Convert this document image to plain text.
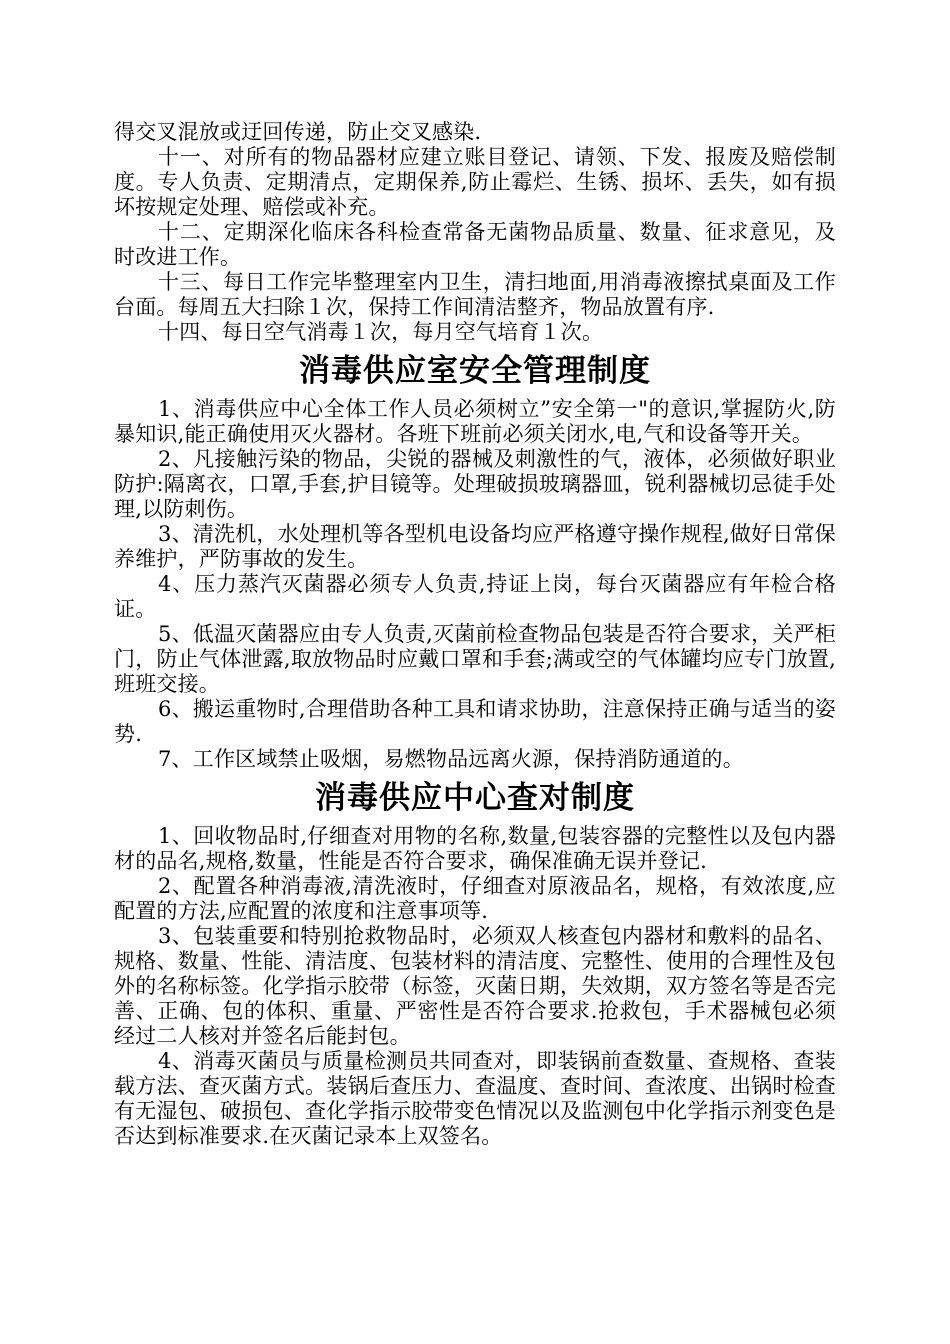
得交叉混放或迂回传递，防止交叉感染.

十一、对所有的物品器材应建立账目登记、请领、下发、报废及赔偿制度。专人负责、定期清点，定期保养,防止霉烂、生锈、损坏、丢失，如有损坏按规定处理、赔偿或补充。

十二、定期深化临床各科检查常备无菌物品质量、数量、征求意见，及时改进工作。

十三、每日工作完毕整理室内卫生，清扫地面,用消毒液擦拭桌面及工作台面。每周五大扫除１次，保持工作间清洁整齐，物品放置有序.

十四、每日空气消毒１次，每月空气培育１次。

消毒供应室安全管理制度

1、消毒供应中心全体工作人员必须树立”安全第一"的意识,掌握防火,防暴知识,能正确使用灭火器材。各班下班前必须关闭水,电,气和设备等开关。

2、凡接触污染的物品，尖锐的器械及刺激性的气，液体，必须做好职业防护:隔离衣，口罩,手套,护目镜等。处理破损玻璃器皿，锐利器械切忌徒手处理,以防刺伤。

3、清洗机，水处理机等各型机电设备均应严格遵守操作规程,做好日常保养维护，严防事故的发生。

4、压力蒸汽灭菌器必须专人负责,持证上岗，每台灭菌器应有年检合格证。

5、低温灭菌器应由专人负责,灭菌前检查物品包装是否符合要求，关严柜门，防止气体泄露,取放物品时应戴口罩和手套;满或空的气体罐均应专门放置,班班交接。

6、搬运重物时,合理借助各种工具和请求协助，注意保持正确与适当的姿势.

7、工作区域禁止吸烟，易燃物品远离火源，保持消防通道的。

消毒供应中心查对制度

1、回收物品时,仔细查对用物的名称,数量,包装容器的完整性以及包内器材的品名,规格,数量，性能是否符合要求，确保准确无误并登记.

2、配置各种消毒液,清洗液时，仔细查对原液品名，规格，有效浓度,应配置的方法,应配置的浓度和注意事项等.

3、包装重要和特别抢救物品时，必须双人核查包内器材和敷料的品名、规格、数量、性能、清洁度、包装材料的清洁度、完整性、使用的合理性及包外的名称标签。化学指示胶带（标签，灭菌日期，失效期，双方签名等是否完善、正确、包的体积、重量、严密性是否符合要求.抢救包，手术器械包必须经过二人核对并签名后能封包。

4、消毒灭菌员与质量检测员共同查对，即装锅前查数量、查规格、查装载方法、查灭菌方式。装锅后查压力、查温度、查时间、查浓度、出锅时检查有无湿包、破损包、查化学指示胶带变色情况以及监测包中化学指示剂变色是否达到标准要求.在灭菌记录本上双签名。
